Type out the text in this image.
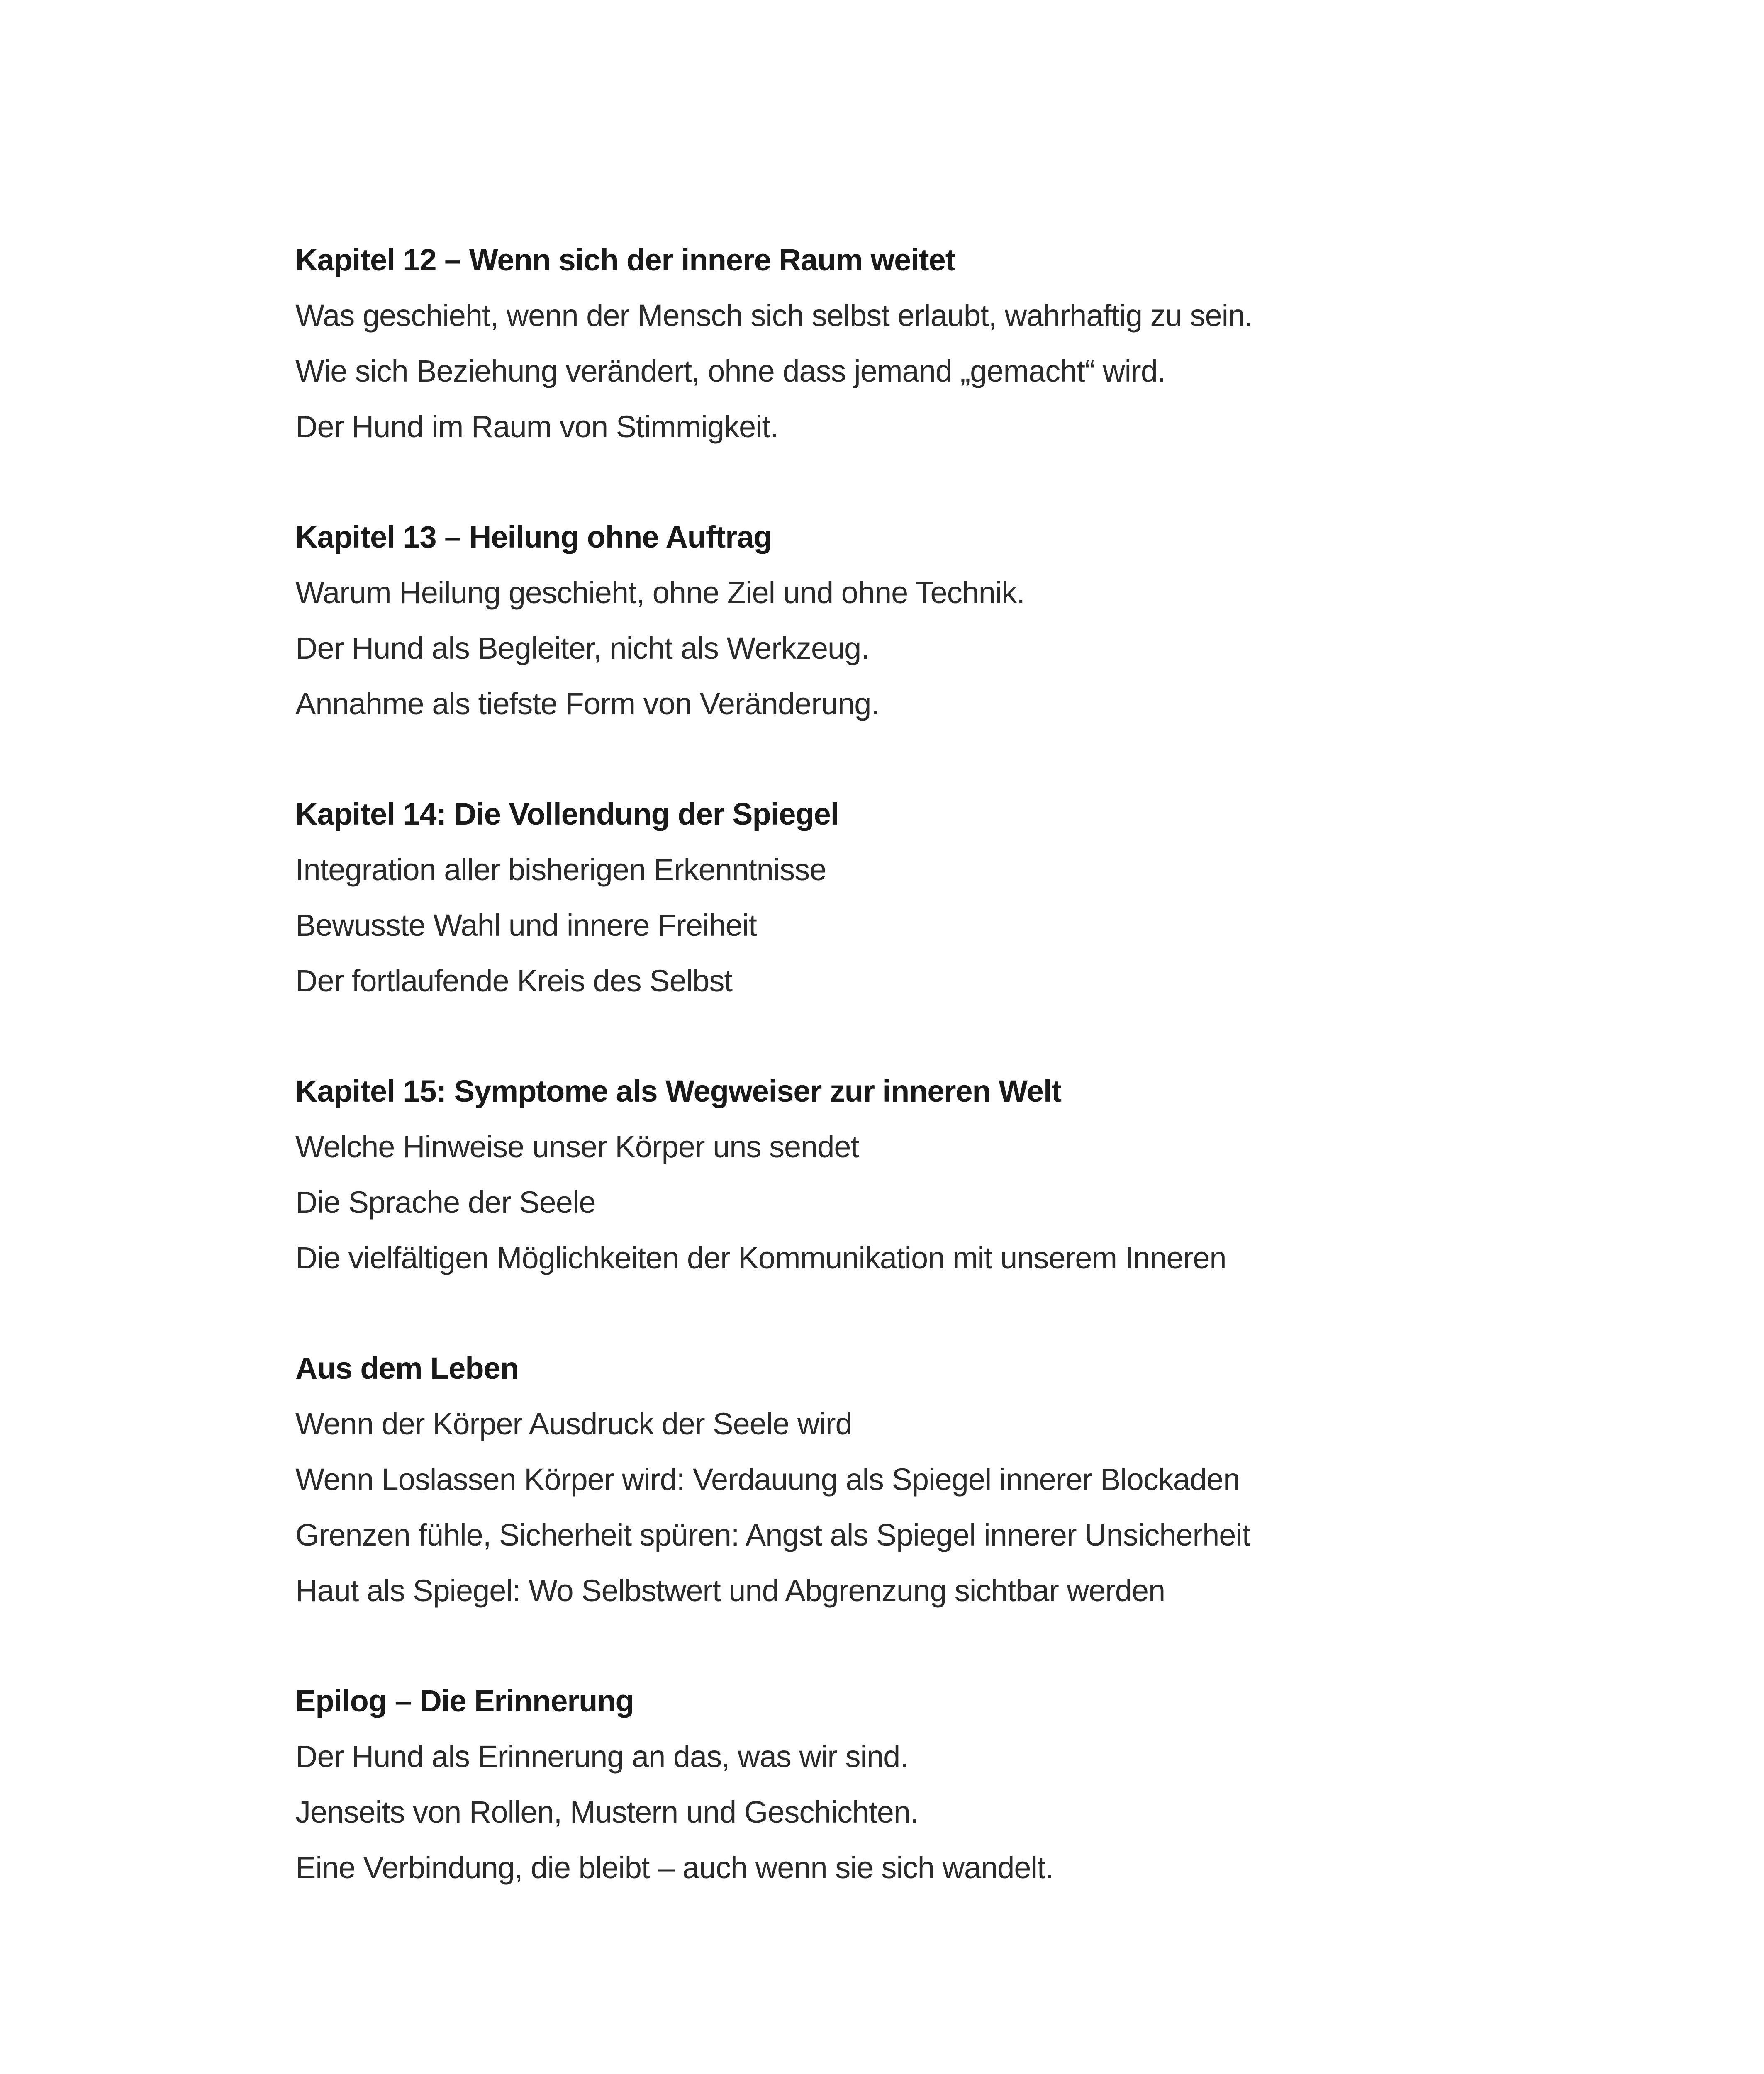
Kapitel 12 – Wenn sich der innere Raum weitet
Was geschieht, wenn der Mensch sich selbst erlaubt, wahrhaftig zu sein.
Wie sich Beziehung verändert, ohne dass jemand „gemacht“ wird.
Der Hund im Raum von Stimmigkeit.
Kapitel 13 – Heilung ohne Auftrag
Warum Heilung geschieht, ohne Ziel und ohne Technik.
Der Hund als Begleiter, nicht als Werkzeug.
Annahme als tiefste Form von Veränderung.
Kapitel 14: Die Vollendung der Spiegel
Integration aller bisherigen Erkenntnisse
Bewusste Wahl und innere Freiheit
Der fortlaufende Kreis des Selbst
Kapitel 15: Symptome als Wegweiser zur inneren Welt
Welche Hinweise unser Körper uns sendet
Die Sprache der Seele
Die vielfältigen Möglichkeiten der Kommunikation mit unserem Inneren
Aus dem Leben
Wenn der Körper Ausdruck der Seele wird
Wenn Loslassen Körper wird: Verdauung als Spiegel innerer Blockaden
Grenzen fühle, Sicherheit spüren: Angst als Spiegel innerer Unsicherheit
Haut als Spiegel: Wo Selbstwert und Abgrenzung sichtbar werden
Epilog – Die Erinnerung
Der Hund als Erinnerung an das, was wir sind.
Jenseits von Rollen, Mustern und Geschichten.
Eine Verbindung, die bleibt – auch wenn sie sich wandelt.
